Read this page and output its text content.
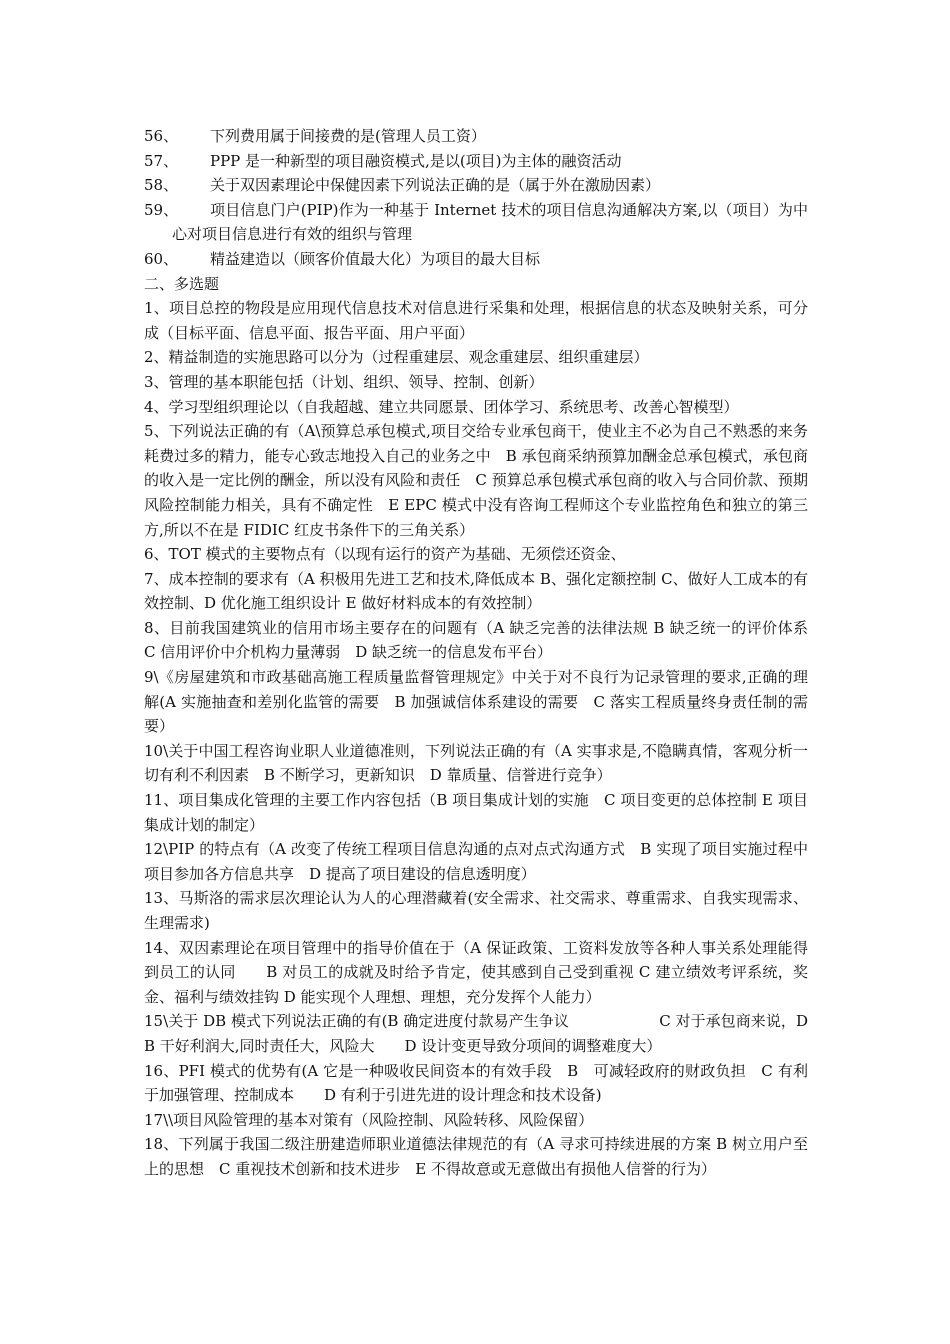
56、 下列费用属于间接费的是(管理人员工资）

57、 PPP 是一种新型的项目融资模式,是以(项目)为主体的融资活动

58、 关于双因素理论中保健因素下列说法正确的是（属于外在激励因素）

59、 项目信息门户(PIP)作为一种基于 Internet 技术的项目信息沟通解决方案,以（项目）为中心对项目信息进行有效的组织与管理

60、 精益建造以（顾客价值最大化）为项目的最大目标

二、多选题

1、项目总控的物段是应用现代信息技术对信息进行采集和处理，根据信息的状态及映射关系，可分成（目标平面、信息平面、报告平面、用户平面）

2、精益制造的实施思路可以分为（过程重建层、观念重建层、组织重建层）

3、管理的基本职能包括（计划、组织、领导、控制、创新）

4、学习型组织理论以（自我超越、建立共同愿景、团体学习、系统思考、改善心智模型）

5、下列说法正确的有（A\预算总承包模式,项目交给专业承包商干，使业主不必为自己不熟悉的来务耗费过多的精力，能专心致志地投入自己的业务之中　B 承包商采纳预算加酬金总承包模式，承包商的收入是一定比例的酬金，所以没有风险和责任　C 预算总承包模式承包商的收入与合同价款、预期风险控制能力相关，具有不确定性　E EPC 模式中没有咨询工程师这个专业监控角色和独立的第三方,所以不在是 FIDIC 红皮书条件下的三角关系）

6、TOT 模式的主要物点有（以现有运行的资产为基础、无须偿还资金、

7、成本控制的要求有（A 积极用先进工艺和技术,降低成本 B、强化定额控制 C、做好人工成本的有效控制、D 优化施工组织设计 E 做好材料成本的有效控制）

8、目前我国建筑业的信用市场主要存在的问题有（A 缺乏完善的法律法规 B 缺乏统一的评价体系　C 信用评价中介机构力量薄弱　D 缺乏统一的信息发布平台）

9\《房屋建筑和市政基础高施工程质量监督管理规定》中关于对不良行为记录管理的要求,正确的理解(A 实施抽查和差别化监管的需要　B 加强诚信体系建设的需要　C 落实工程质量终身责任制的需要）

10\关于中国工程咨询业职人业道德准则，下列说法正确的有（A 实事求是,不隐瞒真情，客观分析一切有利不利因素　B 不断学习，更新知识　D 靠质量、信誉进行竞争）

11、项目集成化管理的主要工作内容包括（B 项目集成计划的实施　C 项目变更的总体控制 E 项目集成计划的制定）

12\PIP 的特点有（A 改变了传统工程项目信息沟通的点对点式沟通方式　B 实现了项目实施过程中项目参加各方信息共享　D 提高了项目建设的信息透明度）

13、马斯洛的需求层次理论认为人的心理潜藏着(安全需求、社交需求、尊重需求、自我实现需求、生理需求)

14、双因素理论在项目管理中的指导价值在于（A 保证政策、工资料发放等各种人事关系处理能得到员工的认同　　B 对员工的成就及时给予肯定，使其感到自己受到重视 C 建立绩效考评系统，奖金、福利与绩效挂钩 D 能实现个人理想、理想，充分发挥个人能力）

15\关于 DB 模式下列说法正确的有(B 确定进度付款易产生争议　　　　　　C 对于承包商来说，DB 干好利润大,同时责任大，风险大　　D 设计变更导致分项间的调整难度大）

16、PFI 模式的优势有(A 它是一种吸收民间资本的有效手段　B　可减轻政府的财政负担　C 有利于加强管理、控制成本　　D 有利于引进先进的设计理念和技术设备)

17\\项目风险管理的基本对策有（风险控制、风险转移、风险保留）

18、下列属于我国二级注册建造师职业道德法律规范的有（A 寻求可持续进展的方案 B 树立用户至上的思想　C 重视技术创新和技术进步　E 不得故意或无意做出有损他人信誉的行为）
